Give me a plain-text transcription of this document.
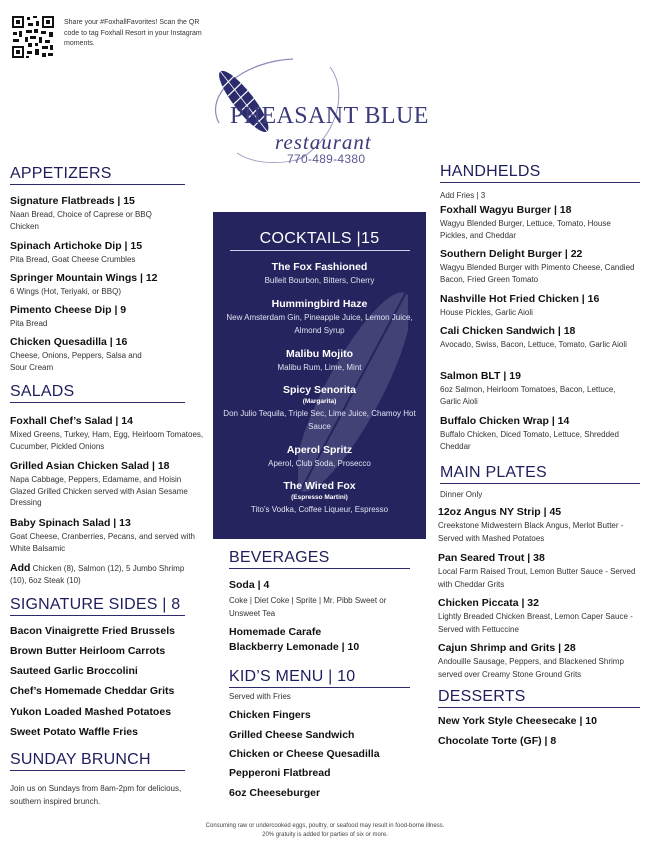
Share your #FoxhallFavorites! Scan the QR code to tag Foxhall Resort in your Instagram moments.
PHEASANT BLUE
restaurant
770-489-4380
APPETIZERS
Signature Flatbreads | 15
Naan Bread, Choice of Caprese or BBQ Chicken
Spinach Artichoke Dip | 15
Pita Bread, Goat Cheese Crumbles
Springer Mountain Wings | 12
6 Wings (Hot, Teriyaki, or BBQ)
Pimento Cheese Dip | 9
Pita Bread
Chicken Quesadilla | 16
Cheese, Onions, Peppers, Salsa and Sour Cream
SALADS
Foxhall Chef’s Salad | 14
Mixed Greens, Turkey, Ham, Egg, Heirloom Tomatoes, Cucumber, Pickled Onions
Grilled Asian Chicken Salad | 18
Napa Cabbage, Peppers, Edamame, and Hoisin Glazed Grilled Chicken served with Asian Sesame Dressing
Baby Spinach Salad | 13
Goat Cheese, Cranberries, Pecans, and served with White Balsamic
Add Chicken (8), Salmon (12), 5 Jumbo Shrimp (10), 6oz Steak (10)
SIGNATURE SIDES | 8
Bacon Vinaigrette Fried Brussels
Brown Butter Heirloom Carrots
Sauteed Garlic Broccolini
Chef’s Homemade Cheddar Grits
Yukon Loaded Mashed Potatoes
Sweet Potato Waffle Fries
SUNDAY BRUNCH
Join us on Sundays from 8am-2pm for delicious, southern inspired brunch.
COCKTAILS |15
The Fox Fashioned
Bulleit Bourbon, Bitters, Cherry
Hummingbird Haze
New Amsterdam Gin, Pineapple Juice, Lemon Juice, Almond Syrup
Malibu Mojito
Malibu Rum, Lime, Mint
Spicy Senorita
(Margarita)
Don Julio Tequila, Triple Sec, Lime Juice, Chamoy Hot Sauce
Aperol Spritz
Aperol, Club Soda, Prosecco
The Wired Fox
(Espresso Martini)
Tito’s Vodka, Coffee Liqueur, Espresso
BEVERAGES
Soda | 4
Coke | Diet Coke | Sprite | Mr. Pibb Sweet or Unsweet Tea
Homemade Carafe
Blackberry Lemonade | 10
KID’S MENU | 10
Served with Fries
Chicken Fingers
Grilled Cheese Sandwich
Chicken or Cheese Quesadilla
Pepperoni Flatbread
6oz Cheeseburger
HANDHELDS
Add Fries | 3
Foxhall Wagyu Burger | 18
Wagyu Blended Burger, Lettuce, Tomato, House Pickles, and Cheddar
Southern Delight Burger | 22
Wagyu Blended Burger with Pimento Cheese, Candied Bacon, Fried Green Tomato
Nashville Hot Fried Chicken | 16
House Pickles, Garlic Aioli
Cali Chicken Sandwich | 18
Avocado, Swiss, Bacon, Lettuce, Tomato, Garlic Aioli
Salmon BLT | 19
6oz Salmon, Heirloom Tomatoes, Bacon, Lettuce, Garlic Aioli
Buffalo Chicken Wrap | 14
Buffalo Chicken, Diced Tomato, Lettuce, Shredded Cheddar
MAIN PLATES
Dinner Only
12oz Angus NY Strip | 45
Creekstone Midwestern Black Angus, Merlot Butter - Served with Mashed Potatoes
Pan Seared Trout | 38
Local Farm Raised Trout, Lemon Butter Sauce - Served with Cheddar Grits
Chicken Piccata | 32
Lightly Breaded Chicken Breast, Lemon Caper Sauce - Served with Fettuccine
Cajun Shrimp and Grits | 28
Andouille Sausage, Peppers, and Blackened Shrimp served over Creamy Stone Ground Grits
DESSERTS
New York Style Cheesecake | 10
Chocolate Torte (GF) | 8
Consuming raw or undercooked eggs, poultry, or seafood may result in food-borne illness.
20% gratuity is added for parties of six or more.
